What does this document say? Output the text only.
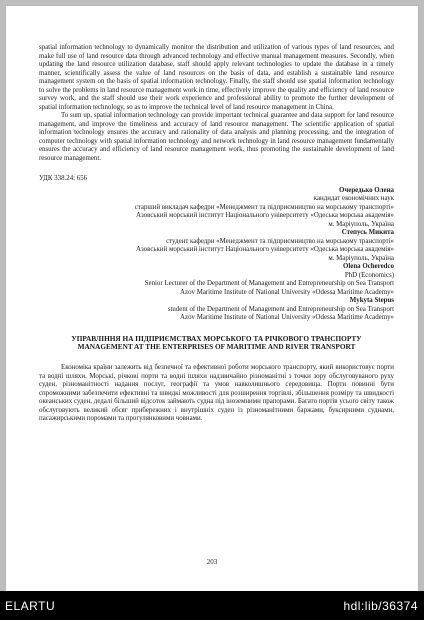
spatial information technology to dynamically monitor the distribution and utilization of various types of land resources, and make full use of land resource data through advanced technology and effective manual management measures. Secondly, when updating the land resource utilization database, staff should apply relevant technologies to update the database in a timely manner, scientifically assess the value of land resources on the basis of data, and establish a sustainable land resource management system on the basis of spatial information technology. Finally, the staff should use spatial information technology to solve the problems in land resource management work in time, effectively improve the quality and efficiency of land resource survey work, and the staff should use their work experience and professional ability to promote the further development of spatial information technology, so as to improve the technical level of land resource management in China.

To sum up, spatial information technology can provide important technical guarantee and data support for land resource management, and improve the timeliness and accuracy of land resource management. The scientific application of spatial information technology ensures the accuracy and rationality of data analysis and planning processing, and the integration of computer technology with spatial information technology and network technology in land resource management fundamentally ensures the accuracy and efficiency of land resource management work, thus promoting the sustainable development of land resource management.

УДК 338.24: 656

Очередько Олена

кандидат економічних наук

старший викладач кафедри «Менеджмент та підприємництво на морському транспорті»

Азовський морський інститут Національного університету «Одеська морська академія»

м. Маріуполь, Україна

Степусь Микита

студент кафедри «Менеджмент та підприємництво на морському транспорті»

Азовський морський інститут Національного університету «Одеська морська академія»

м. Маріуполь, Україна

Olena Ocheredco

PhD (Economics)

Senior Lecturer of the Department of Management and Entrepreneurship on Sea Transport

Azov Maritime Institute of National University «Odessa Maritime Academy»

Mykyta Stepus

student of the Department of Management and Entrepreneurship on Sea Transport

Azov Maritime Institute of National University «Odessa Maritime Academy»

УПРАВЛІННЯ НА ПІДПРИЄМСТВАХ МОРСЬКОГО ТА РІЧКОВОГО ТРАНСПОРТУ

MANAGEMENT AT THE ENTERPRISES OF MARITIME AND RIVER TRANSPORT

Економіка країни залежить від безпечної та ефективної роботи морського транспорту, який використовує порти та водні шляхи. Морські, річкові порти та водні шляхи надзвичайно різноманітні з точки зору обслуговуваного руху суден, різноманітності надання послуг, географії та умов навколишнього середовища. Порти повинні бути спроможними забезпечити ефективні та швидкі можливості для розширення торгівлі, збільшення розміру та швидкості океанських суден, дедалі більший відсоток займають судна під іноземними прапорами. Багато портів усього світу також обслуговують великий обсяг прибережних і внутрішніх суден із різноманітними баржами, буксирними суднами, пасажирськими поромами та прогулянковими човнами.

203
ELARTU	hdl:lib/36374
